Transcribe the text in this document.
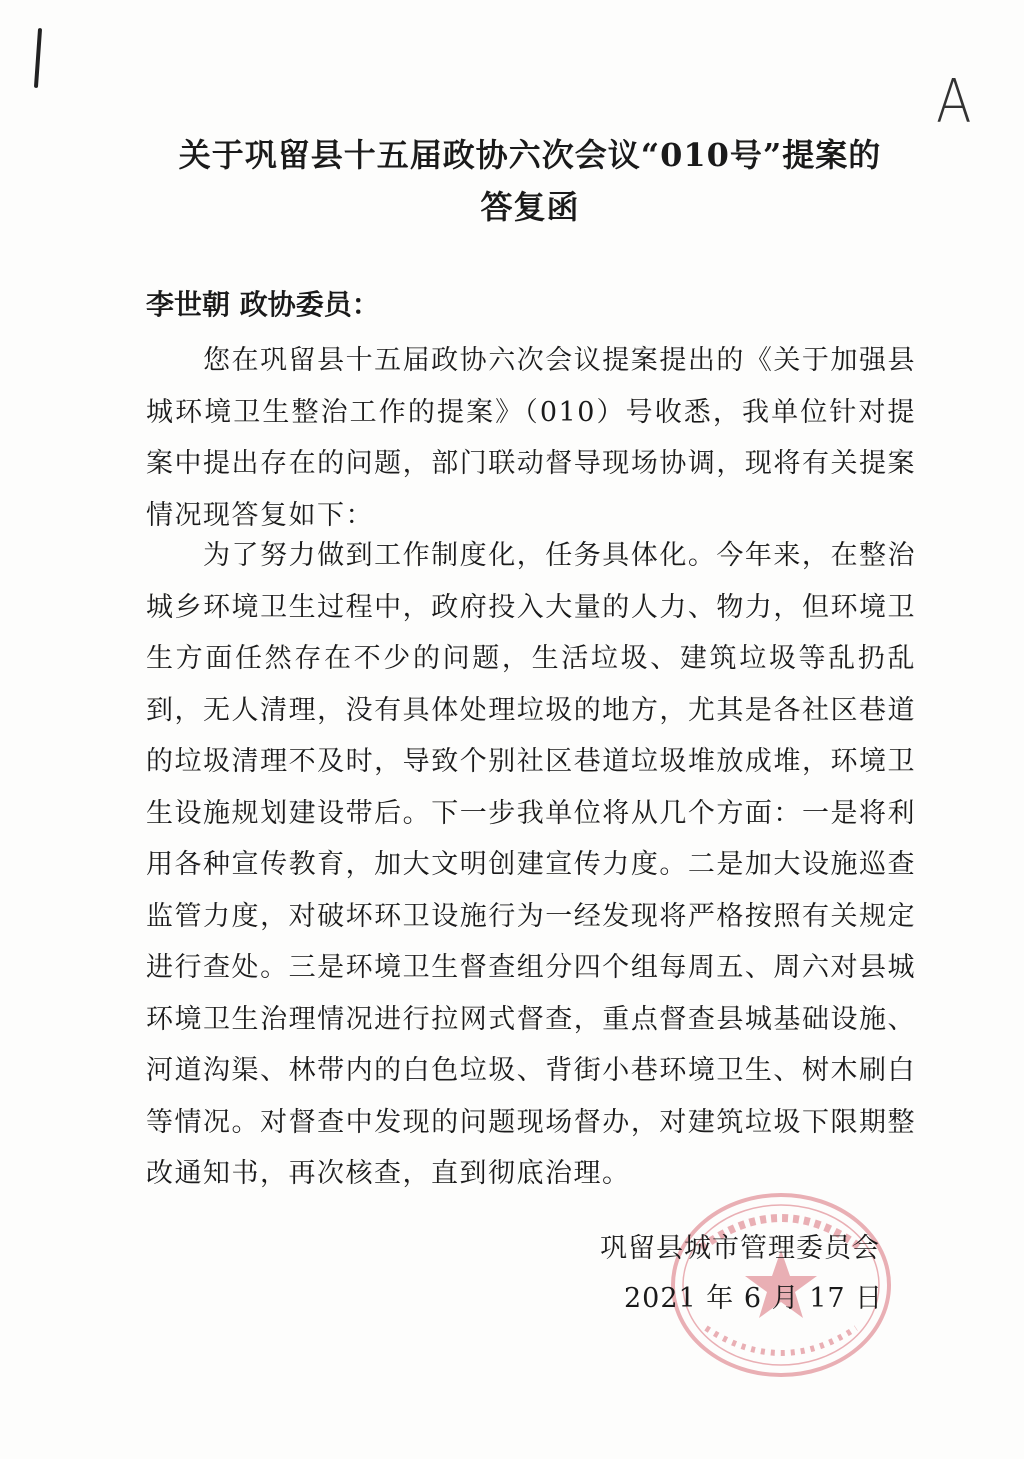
A
关于巩留县十五届政协六次会议“010号”提案的
答复函
李世朝 政协委员：

您在巩留县十五届政协六次会议提案提出的《关于加强县城环境卫生整治工作的提案》（010）号收悉，我单位针对提案中提出存在的问题，部门联动督导现场协调，现将有关提案情况现答复如下：

为了努力做到工作制度化，任务具体化。今年来，在整治城乡环境卫生过程中，政府投入大量的人力、物力，但环境卫生方面任然存在不少的问题，生活垃圾、建筑垃圾等乱扔乱到，无人清理，没有具体处理垃圾的地方，尤其是各社区巷道的垃圾清理不及时，导致个别社区巷道垃圾堆放成堆，环境卫生设施规划建设带后。下一步我单位将从几个方面：一是将利用各种宣传教育，加大文明创建宣传力度。二是加大设施巡查监管力度，对破坏环卫设施行为一经发现将严格按照有关规定进行查处。三是环境卫生督查组分四个组每周五、周六对县城环境卫生治理情况进行拉网式督查，重点督查县城基础设施、河道沟渠、林带内的白色垃圾、背街小巷环境卫生、树木刷白等情况。对督查中发现的问题现场督办，对建筑垃圾下限期整改通知书，再次核查，直到彻底治理。

巩留县城市管理委员会
2021 年 6 月 17 日
